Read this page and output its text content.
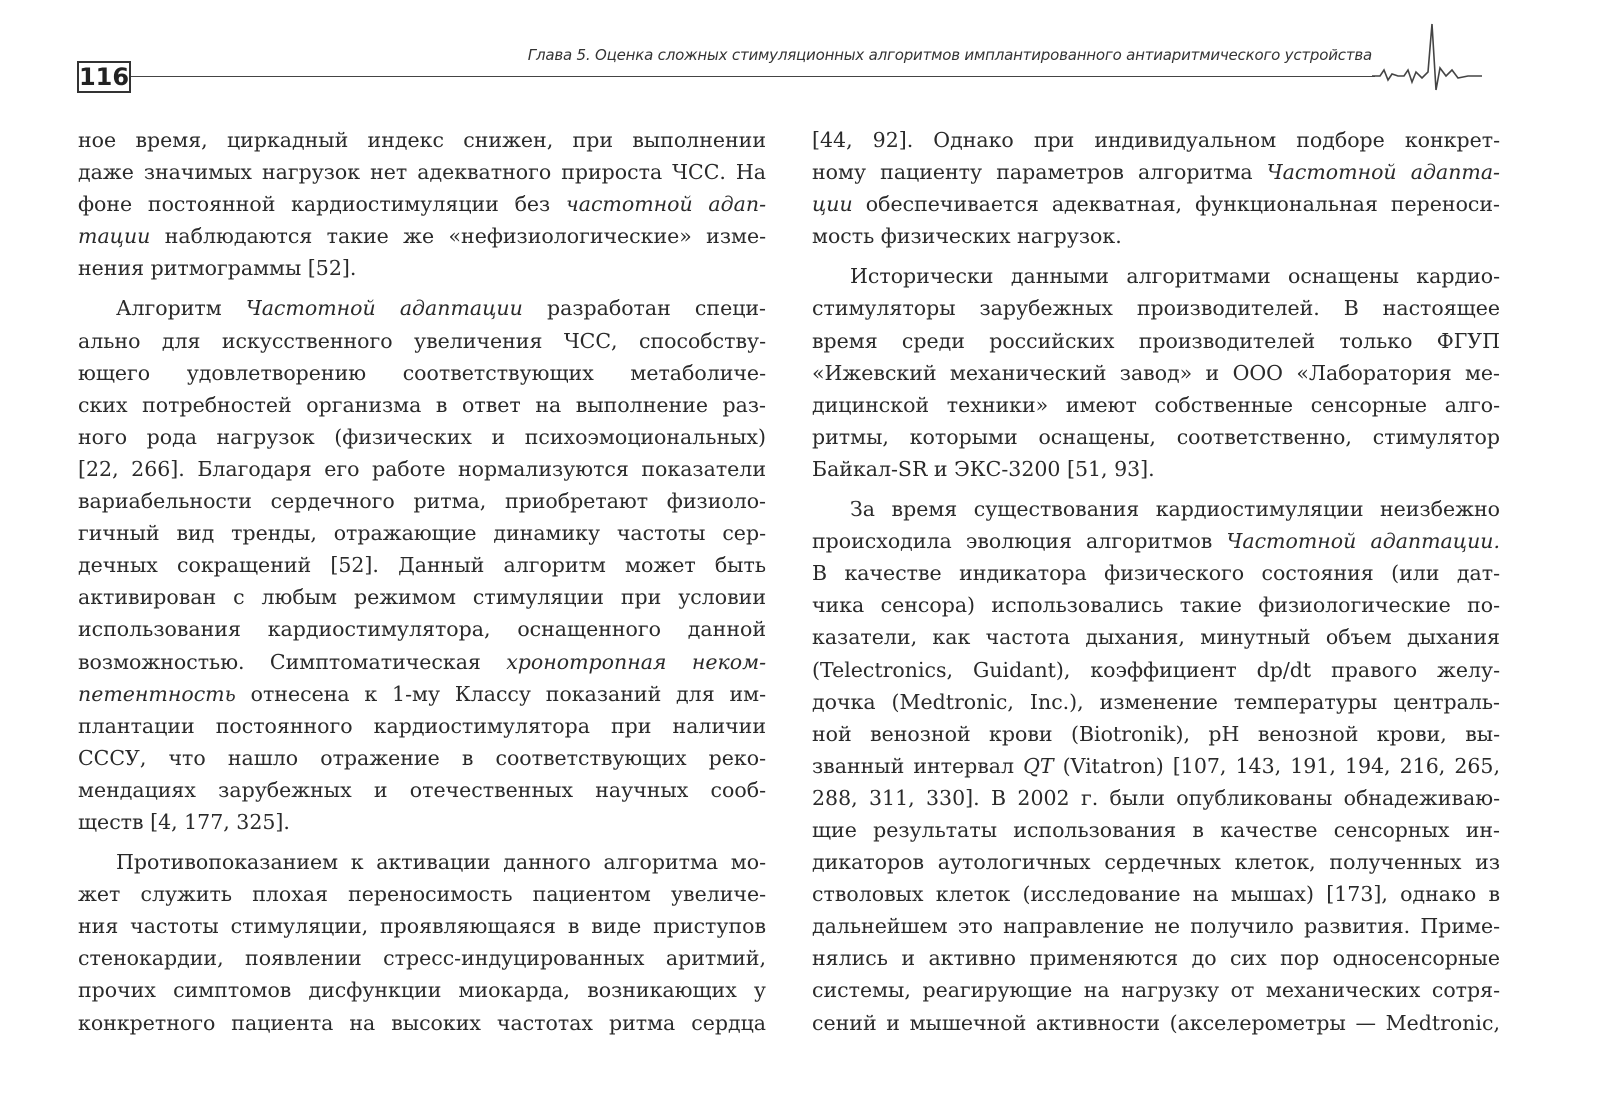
116
Глава 5. Оценка сложных стимуляционных алгоритмов имплантированного антиаритмического устройства
ное время, циркадный индекс снижен, при выполнении
даже значимых нагрузок нет адекватного прироста ЧСС. На
фоне постоянной кардиостимуляции без частотной адап-
тации наблюдаются такие же «нефизиологические» изме-
нения ритмограммы [52].
Алгоритм Частотной адаптации разработан специ-
ально для искусственного увеличения ЧСС, способству-
ющего удовлетворению соответствующих метаболиче-
ских потребностей организма в ответ на выполнение раз-
ного рода нагрузок (физических и психоэмоциональных)
[22, 266]. Благодаря его работе нормализуются показатели
вариабельности сердечного ритма, приобретают физиоло-
гичный вид тренды, отражающие динамику частоты сер-
дечных сокращений [52]. Данный алгоритм может быть
активирован с любым режимом стимуляции при условии
использования кардиостимулятора, оснащенного данной
возможностью. Симптоматическая хронотропная неком-
петентность отнесена к 1-му Классу показаний для им-
плантации постоянного кардиостимулятора при наличии
СССУ, что нашло отражение в соответствующих реко-
мендациях зарубежных и отечественных научных сооб-
ществ [4, 177, 325].
Противопоказанием к активации данного алгоритма мо-
жет служить плохая переносимость пациентом увеличе-
ния частоты стимуляции, проявляющаяся в виде приступов
стенокардии, появлении стресс-индуцированных аритмий,
прочих симптомов дисфункции миокарда, возникающих у
конкретного пациента на высоких частотах ритма сердца
[44, 92]. Однако при индивидуальном подборе конкрет-
ному пациенту параметров алгоритма Частотной адапта-
ции обеспечивается адекватная, функциональная переноси-
мость физических нагрузок.
Исторически данными алгоритмами оснащены кардио-
стимуляторы зарубежных производителей. В настоящее
время среди российских производителей только ФГУП
«Ижевский механический завод» и ООО «Лаборатория ме-
дицинской техники» имеют собственные сенсорные алго-
ритмы, которыми оснащены, соответственно, стимулятор
Байкал-SR и ЭКС-3200 [51, 93].
За время существования кардиостимуляции неизбежно
происходила эволюция алгоритмов Частотной адаптации.
В качестве индикатора физического состояния (или дат-
чика сенсора) использовались такие физиологические по-
казатели, как частота дыхания, минутный объем дыхания
(Telectronics, Guidant), коэффициент dp/dt правого желу-
дочка (Medtronic, Inc.), изменение температуры централь-
ной венозной крови (Biotronik), pH венозной крови, вы-
званный интервал QT (Vitatron) [107, 143, 191, 194, 216, 265,
288, 311, 330]. В 2002 г. были опубликованы обнадеживаю-
щие результаты использования в качестве сенсорных ин-
дикаторов аутологичных сердечных клеток, полученных из
стволовых клеток (исследование на мышах) [173], однако в
дальнейшем это направление не получило развития. Приме-
нялись и активно применяются до сих пор односенсорные
системы, реагирующие на нагрузку от механических сотря-
сений и мышечной активности (акселерометры — Medtronic,
